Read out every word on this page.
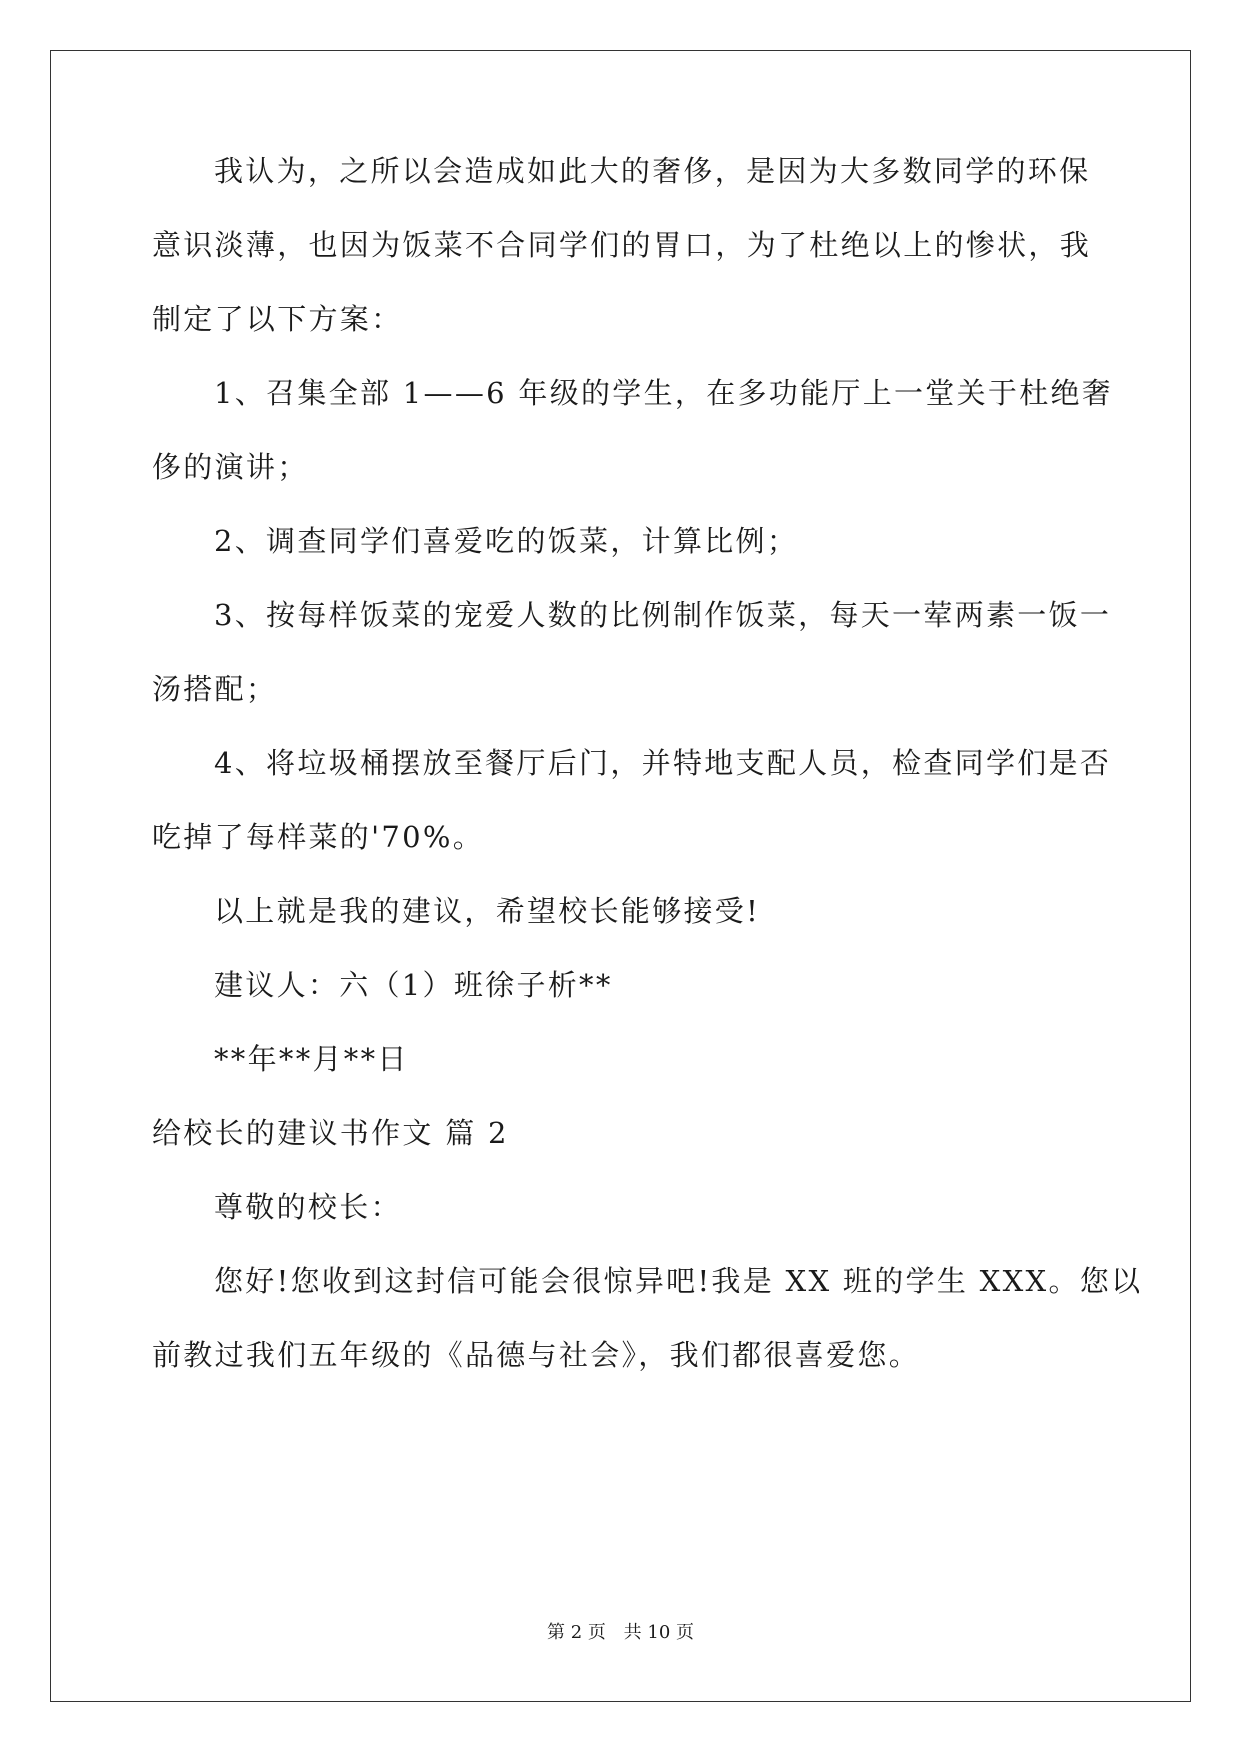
我认为，之所以会造成如此大的奢侈，是因为大多数同学的环保
意识淡薄，也因为饭菜不合同学们的胃口，为了杜绝以上的惨状，我
制定了以下方案：
1、召集全部 1——6 年级的学生，在多功能厅上一堂关于杜绝奢
侈的演讲；
2、调查同学们喜爱吃的饭菜，计算比例；
3、按每样饭菜的宠爱人数的比例制作饭菜，每天一荤两素一饭一
汤搭配；
4、将垃圾桶摆放至餐厅后门，并特地支配人员，检查同学们是否
吃掉了每样菜的'70%。
以上就是我的建议，希望校长能够接受!
建议人：六（1）班徐子析**
**年**月**日
给校长的建议书作文 篇 2
尊敬的校长：
您好!您收到这封信可能会很惊异吧!我是 XX 班的学生 XXX。您以
前教过我们五年级的《品德与社会》，我们都很喜爱您。
第 2 页 共 10 页
